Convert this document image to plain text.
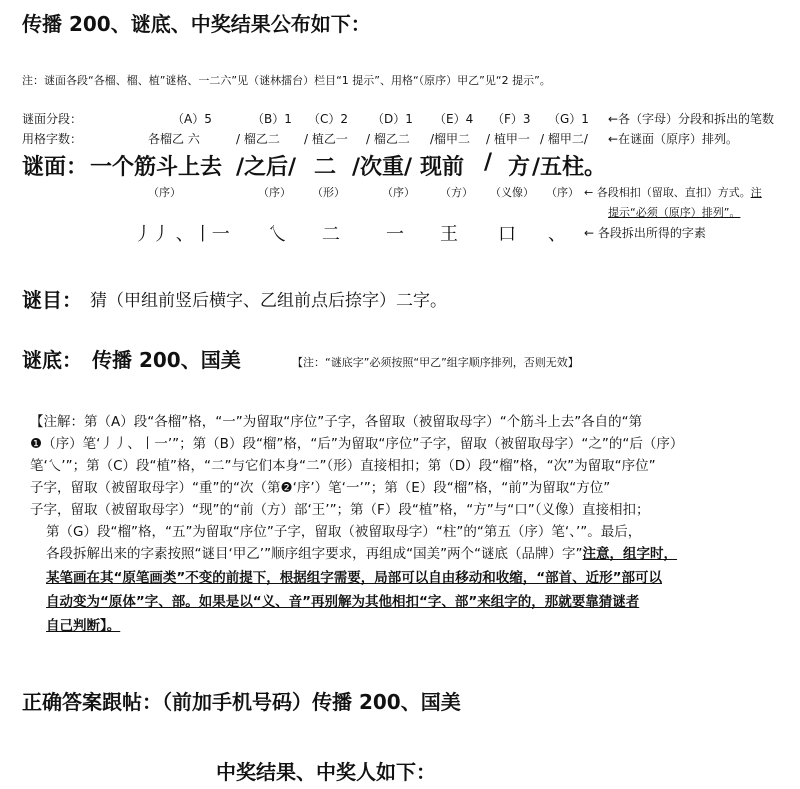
传播 200、谜底、中奖结果公布如下：
注：谜面各段“各榴、榴、植”谜格、一二六”见（谜林擂台）栏目“1 提示”、用格“（原序）甲乙”见“2 提示”。
谜面分段：	（A）5	（B）1 （C）2 （D）1 （E）4 （F）3 （G）1 ←各（字母）分段和拆出的笔数
用格字数：	各榴乙 六	/ 榴乙二 / 植乙一 / 榴乙二 /榴甲二 / 植甲一 / 榴甲二/ ←在谜面（原序）排列。
谜面： 一个筋斗上去 /之后/ 二 /次重/ 现前 / 方 /五柱。
（序）	（序） （形）	（序） （方） （义像） （序） ← 各段相扣（留取、直扣）方式。注
提示“必须（原序）排列”。
丿丿 、丨一 乀 二	一 王 口 、 ← 各段拆出所得的字素
谜目： 猜（甲组前竖后横字、乙组前点后捺字）二字。
谜底： 传播 200、国美	【注：“谜底字”必须按照“甲乙”组字顺序排列，否则无效】
【注解：第（A）段“各榴”格，“一”为留取“序位”子字，各留取（被留取母字）“个筋斗上去”各自的“第
❶（序）笔‘丿丿、丨一’”；第（B）段“榴”格，“后”为留取“序位”子字，留取（被留取母字）“之”的“后（序）
笔‘乀’”；第（C）段“植”格，“二”与它们本身“二”（形）直接相扣；第（D）段“榴”格，“次”为留取“序位”
子字，留取（被留取母字）“重”的“次（第❷‘序’）笔‘一’”；第（E）段“榴”格，“前”为留取“方位”
子字，留取（被留取母字）“现”的“前（方）部‘王’”；第（F）段“植”格，“方”与“口”（义像）直接相扣；
第（G）段“榴”格，“五”为留取“序位”子字，留取（被留取母字）“柱”的“第五（序）笔‘、’”。最后，
各段拆解出来的字素按照“谜目‘甲乙’”顺序组字要求，再组成“国美”两个“谜底（品牌）字”注意，组字时，
某笔画在其“原笔画类”不变的前提下，根据组字需要，局部可以自由移动和收缩，“部首、近形”部可以
自动变为“原体”字、部。如果是以“义、音”再别解为其他相扣“字、部”来组字的，那就要靠猜谜者
自己判断】。
正确答案跟帖：（前加手机号码）传播 200、国美
中奖结果、中奖人如下：
